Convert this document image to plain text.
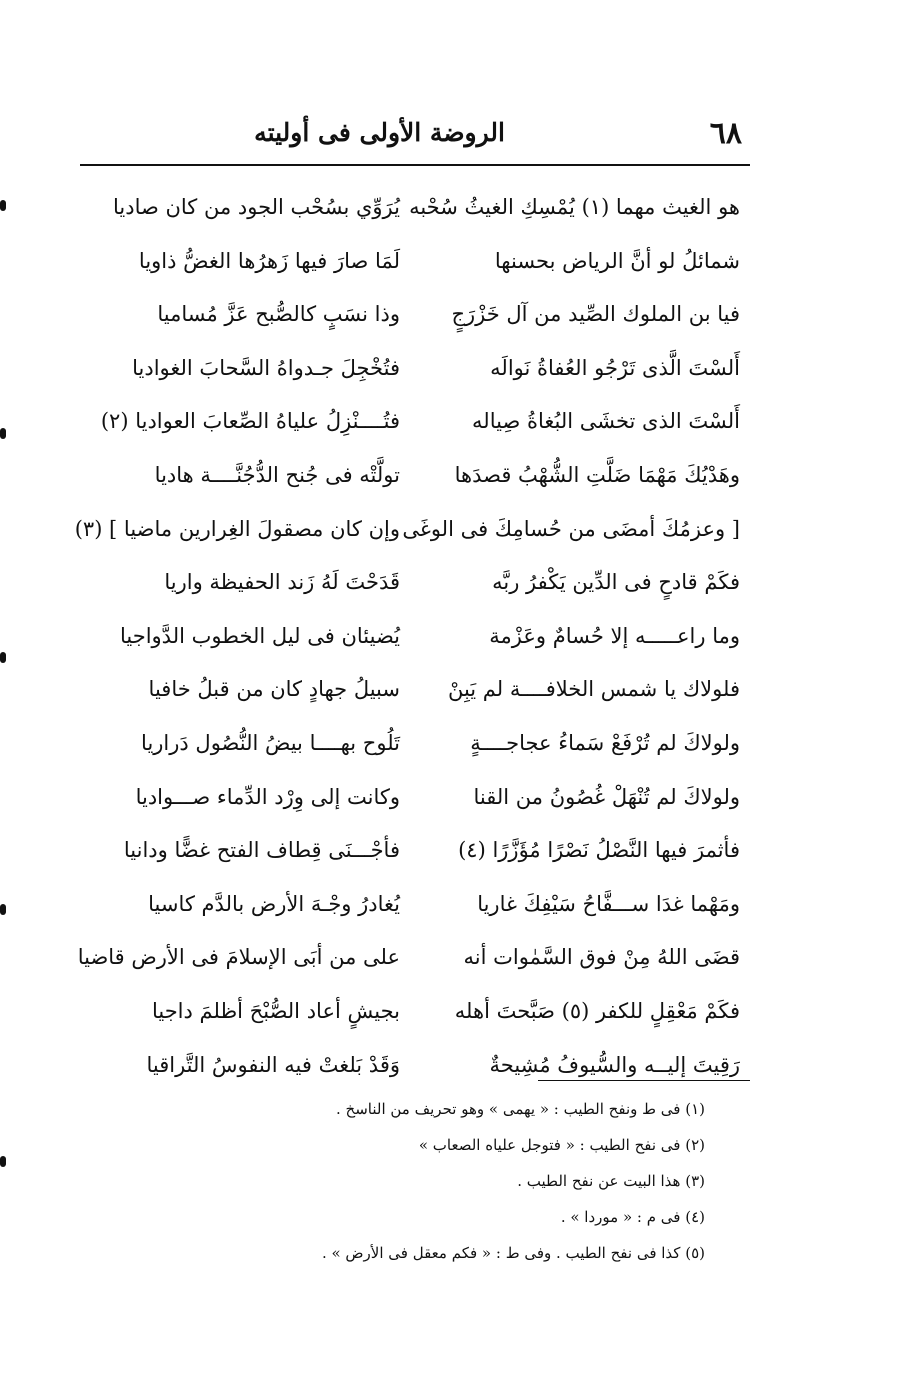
٦٨
الروضة الأولى فى أوليته
هو الغيث مهما (١) يُمْسِكِ الغيثُ سُحْبه
يُرَوِّي بسُحْب الجود من كان صاديا
شمائلُ لو أنَّ الرياض بحسنها
لَمَا صارَ فيها زَهرُها الغضُّ ذاويا
فيا بن الملوك الصِّيد من آل خَزْرَجٍ
وذا نسَبٍ كالصُّبح عَزَّ مُساميا
أَلسْتَ الَّذى تَرْجُو العُفاةُ نَوالَه
فتُخْجِلَ جـدواهُ السَّحابَ الغواديا
أَلسْتَ الذى تخشَى البُغاةُ صِياله
فتُــــنْزِلُ علياهُ الصِّعابَ العواديا (٢)
وهَدْيُكَ مَهْمَا ضَلَّتِ الشُّهْبُ قصدَها
تولَّتْه فى جُنح الدُّجُنَّــــة هاديا
[ وعزمُكَ أمضَى من حُسامِكَ فى الوغَى
وإن كان مصقولَ الغِرارين ماضيا ] (٣)
فكَمْ قادحٍ فى الدِّين يَكْفرُ ربَّه
قَدَحْتَ لَهُ زَند الحفيظة واريا
وما راعـــــه إلا حُسامٌ وعَزْمة
يُضيئان فى ليل الخطوب الدَّواجيا
فلولاك يا شمس الخلافــــة لم يَبِنْ
سبيلُ جهادٍ كان من قبلُ خافيا
ولولاكَ لم تُرْفَعْ سَماءُ عجاجــــةٍ
تَلُوح بهــــا بيضُ النُّصُول دَراريا
ولولاكَ لم تُنْهَلْ غُصُونُ من القنا
وكانت إلى وِرْد الدِّماء صـــواديا
فأثمرَ فيها النَّصْلُ نَصْرًا مُؤَزَّرًا (٤)
فأجْـــنَى قِطاف الفتح غضًّا ودانيا
ومَهْما غدَا ســـفَّاحُ سَيْفِكَ غاريا
يُغادرُ وجْـهَ الأرض بالدَّم كاسيا
قضَى اللهُ مِنْ فوق السَّمٰوات أنه
على من أبَى الإسلامَ فى الأرض قاضيا
فكَمْ مَعْقِلٍ للكفر (٥) صَبَّحتَ أهله
بجيشٍ أعاد الصُّبْحَ أظلمَ داجيا
رَقِيتَ إليــه والسُّيوفُ مُشِيحةٌ
وَقَدْ بَلغتْ فيه النفوسُ التَّراقيا
(١) فى ط ونفح الطيب : « يهمى » وهو تحريف من الناسخ .
(٢) فى نفح الطيب : « فتوجل علياه الصعاب »
(٣) هذا البيت عن نفح الطيب .
(٤) فى م : « موردا » .
(٥) كذا فى نفح الطيب . وفى ط : « فكم معقل فى الأرض » .
